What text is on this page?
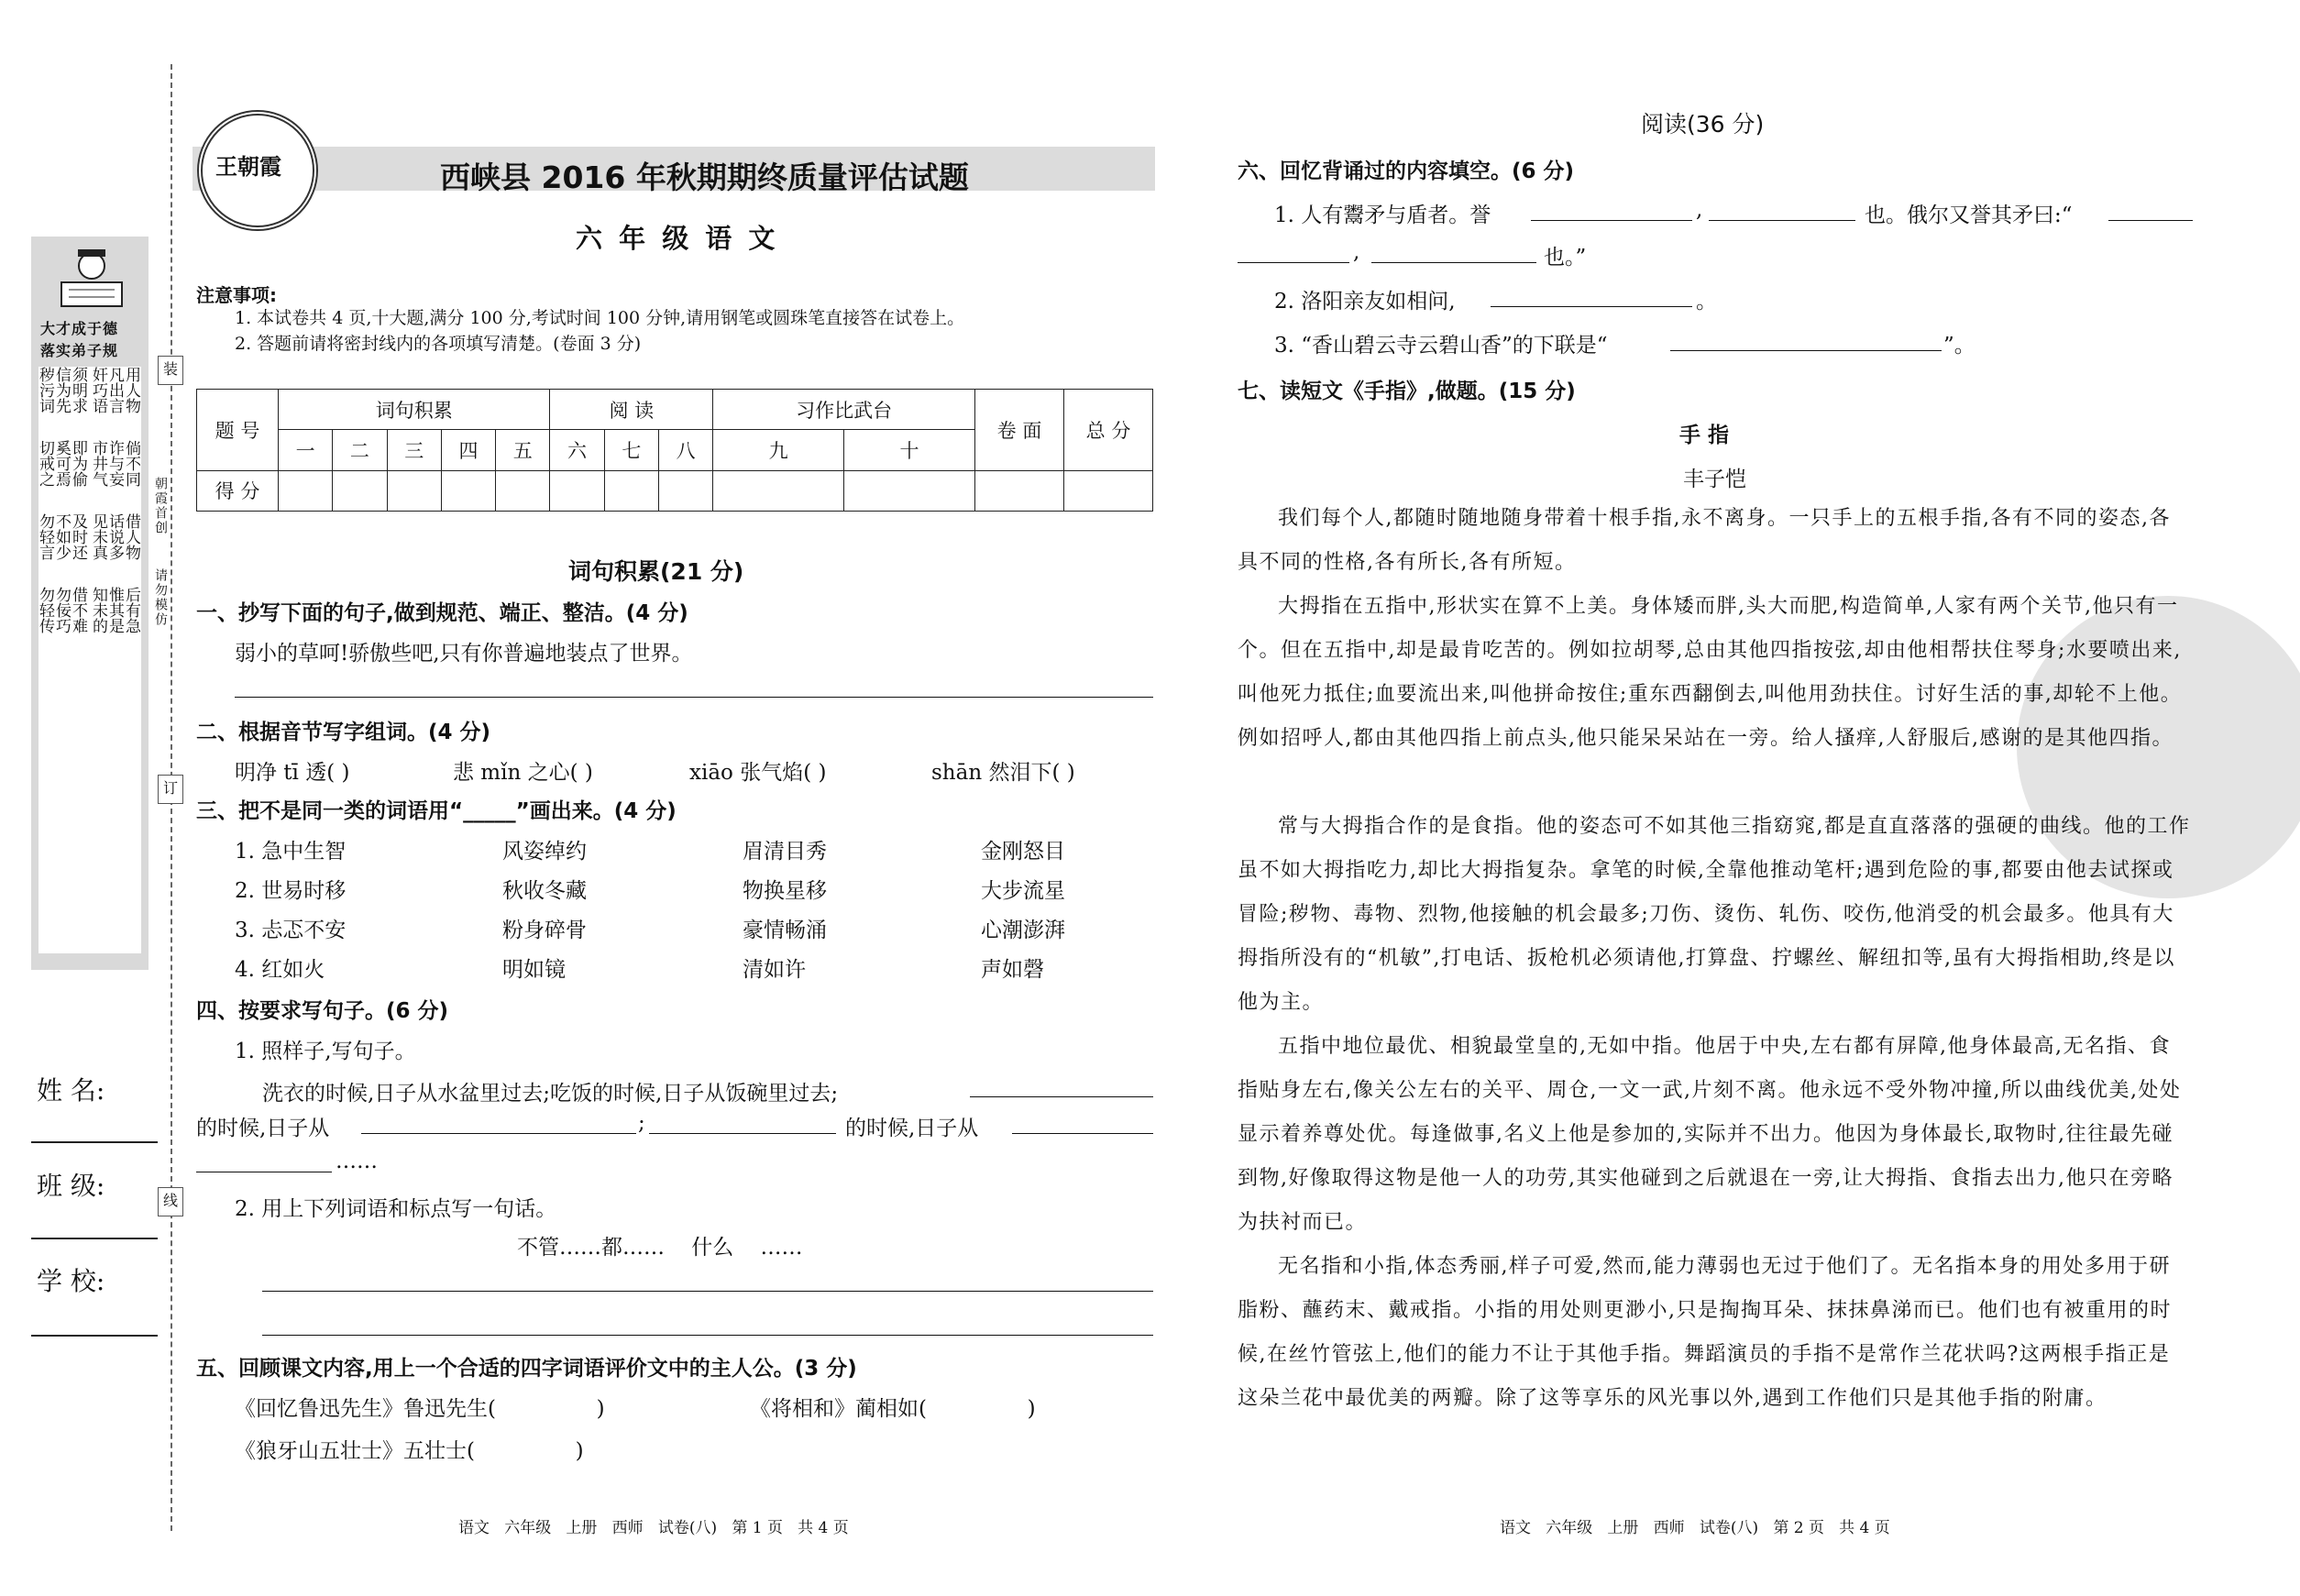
装
订
线
朝霞首创
请勿模仿
大才成于德
落实弟子规
用人物
凡出言
奸巧语
须明求
信为先
秽污词
倘不同
诈与妄
市井气
即为偷
奚可焉
切戒之
借人物
话说多
见未真
及时还
不如少
勿轻言
后有急
惟其是
知未的
借不难
勿佞巧
勿轻传
姓 名:
班 级:
学 校:
王朝霞	西峡县 2016 年秋期期终质量评估试题
六 年 级 语 文
注意事项:
1. 本试卷共 4 页,十大题,满分 100 分,考试时间 100 分钟,请用钢笔或圆珠笔直接答在试卷上。
2. 答题前请将密封线内的各项填写清楚。(卷面 3 分)
题 号	词句积累					阅 读			习作比武台		卷 面	总 分
	一	二	三	四	五	六	七	八	九	十		
得 分												
词句积累(21 分)
一、抄写下面的句子,做到规范、端正、整洁。(4 分)
弱小的草呵!骄傲些吧,只有你普遍地装点了世界。
二、根据音节写字组词。(4 分)
明净 tī 透( )	悲 mǐn 之心( )	xiāo 张气焰( )	shān 然泪下( )
三、把不是同一类的词语用“_____”画出来。(4 分)
1. 急中生智	风姿绰约	眉清目秀	金刚怒目
2. 世易时移	秋收冬藏	物换星移	大步流星
3. 忐忑不安	粉身碎骨	豪情畅涌	心潮澎湃
4. 红如火	明如镜	清如许	声如磬
四、按要求写句子。(6 分)
1. 照样子,写句子。
洗衣的时候,日子从水盆里过去;吃饭的时候,日子从饭碗里过去;
的时候,日子从	;	的时候,日子从
……
2. 用上下列词语和标点写一句话。
不管……都……    什么    ……
五、回顾课文内容,用上一个合适的四字词语评价文中的主人公。(3 分)
《回忆鲁迅先生》鲁迅先生(               )	《将相和》蔺相如(               )
《狼牙山五壮士》五壮士(               )
语文   六年级   上册   西师   试卷(八)   第 1 页   共 4 页
阅读(36 分)
六、回忆背诵过的内容填空。(6 分)
1. 人有鬻矛与盾者。誉	,	也。俄尔又誉其矛曰:“
,	也。”
2. 洛阳亲友如相问,	。
3. “香山碧云寺云碧山香”的下联是“	”。
七、读短文《手指》,做题。(15 分)
手 指
丰子恺
我们每个人,都随时随地随身带着十根手指,永不离身。一只手上的五根手指,各有不同的姿态,各具不同的性格,各有所长,各有所短。
大拇指在五指中,形状实在算不上美。身体矮而胖,头大而肥,构造简单,人家有两个关节,他只有一个。但在五指中,却是最肯吃苦的。例如拉胡琴,总由其他四指按弦,却由他相帮扶住琴身;水要喷出来,叫他死力抵住;血要流出来,叫他拼命按住;重东西翻倒去,叫他用劲扶住。讨好生活的事,却轮不上他。例如招呼人,都由其他四指上前点头,他只能呆呆站在一旁。给人搔痒,人舒服后,感谢的是其他四指。
常与大拇指合作的是食指。他的姿态可不如其他三指窈窕,都是直直落落的强硬的曲线。他的工作虽不如大拇指吃力,却比大拇指复杂。拿笔的时候,全靠他推动笔杆;遇到危险的事,都要由他去试探或冒险;秽物、毒物、烈物,他接触的机会最多;刀伤、烫伤、轧伤、咬伤,他消受的机会最多。他具有大拇指所没有的“机敏”,打电话、扳枪机必须请他,打算盘、拧螺丝、解纽扣等,虽有大拇指相助,终是以他为主。
五指中地位最优、相貌最堂皇的,无如中指。他居于中央,左右都有屏障,他身体最高,无名指、食指贴身左右,像关公左右的关平、周仓,一文一武,片刻不离。他永远不受外物冲撞,所以曲线优美,处处显示着养尊处优。每逢做事,名义上他是参加的,实际并不出力。他因为身体最长,取物时,往往最先碰到物,好像取得这物是他一人的功劳,其实他碰到之后就退在一旁,让大拇指、食指去出力,他只在旁略为扶衬而已。
无名指和小指,体态秀丽,样子可爱,然而,能力薄弱也无过于他们了。无名指本身的用处多用于研脂粉、蘸药末、戴戒指。小指的用处则更渺小,只是掏掏耳朵、抹抹鼻涕而已。他们也有被重用的时候,在丝竹管弦上,他们的能力不让于其他手指。舞蹈演员的手指不是常作兰花状吗?这两根手指正是这朵兰花中最优美的两瓣。除了这等享乐的风光事以外,遇到工作他们只是其他手指的附庸。
语文   六年级   上册   西师   试卷(八)   第 2 页   共 4 页
